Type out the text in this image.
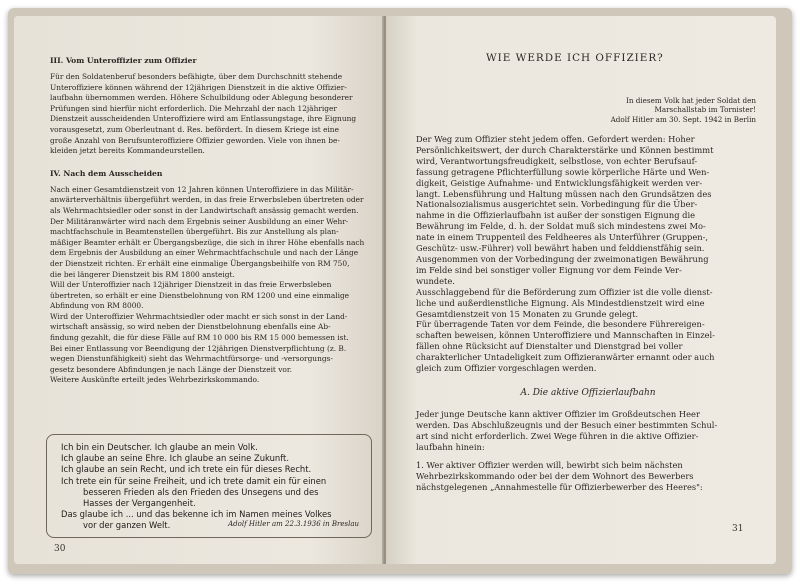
III. Vom Unteroffizier zum Offizier

Für den Soldatenberuf besonders befähigte, über dem Durchschnitt stehende
Unteroffiziere können während der 12jährigen Dienstzeit in die aktive Offizier-
laufbahn übernommen werden. Höhere Schulbildung oder Ablegung besonderer
Prüfungen sind hierfür nicht erforderlich. Die Mehrzahl der nach 12jähriger
Dienstzeit ausscheidenden Unteroffiziere wird am Entlassungstage, ihre Eignung
vorausgesetzt, zum Oberleutnant d. Res. befördert. In diesem Kriege ist eine
große Anzahl von Berufsunteroffiziere Offizier geworden. Viele von ihnen be-
kleiden jetzt bereits Kommandeurstellen.

IV. Nach dem Ausscheiden

Nach einer Gesamtdienstzeit von 12 Jahren können Unteroffiziere in das Militär-
anwärterverhältnis übergeführt werden, in das freie Erwerbsleben übertreten oder
als Wehrmachtsiedler oder sonst in der Landwirtschaft ansässig gemacht werden.
Der Militäranwärter wird nach dem Ergebnis seiner Ausbildung an einer Wehr-
machtfachschule in Beamtenstellen übergeführt. Bis zur Anstellung als plan-
mäßiger Beamter erhält er Übergangsbezüge, die sich in ihrer Höhe ebenfalls nach
dem Ergebnis der Ausbildung an einer Wehrmachtfachschule und nach der Länge
der Dienstzeit richten. Er erhält eine einmalige Übergangsbeihilfe von RM 750,
die bei längerer Dienstzeit bis RM 1800 ansteigt.
Will der Unteroffizier nach 12jähriger Dienstzeit in das freie Erwerbsleben
übertreten, so erhält er eine Dienstbelohnung von RM 1200 und eine einmalige
Abfindung von RM 8000.
Wird der Unteroffizier Wehrmachtsiedler oder macht er sich sonst in der Land-
wirtschaft ansässig, so wird neben der Dienstbelohnung ebenfalls eine Ab-
findung gezahlt, die für diese Fälle auf RM 10 000 bis RM 15 000 bemessen ist.
Bei einer Entlassung vor Beendigung der 12jährigen Dienstverpflichtung (z. B.
wegen Dienstunfähigkeit) sieht das Wehrmachtfürsorge- und -versorgungs-
gesetz besondere Abfindungen je nach Länge der Dienstzeit vor.
Weitere Auskünfte erteilt jedes Wehrbezirkskommando.

Ich bin ein Deutscher. Ich glaube an mein Volk.
Ich glaube an seine Ehre. Ich glaube an seine Zukunft.
Ich glaube an sein Recht, und ich trete ein für dieses Recht.
Ich trete ein für seine Freiheit, und ich trete damit ein für einen
besseren Frieden als den Frieden des Unsegens und des
Hasses der Vergangenheit.
Das glaube ich ... und das bekenne ich im Namen meines Volkes
vor der ganzen Welt.	Adolf Hitler am 22.3.1936 in Breslau
30
WIE WERDE ICH OFFIZIER?
In diesem Volk hat jeder Soldat den
Marschallstab im Tornister!
Adolf Hitler am 30. Sept. 1942 in Berlin
Der Weg zum Offizier steht jedem offen. Gefordert werden: Hoher
Persönlichkeitswert, der durch Charakterstärke und Können bestimmt
wird, Verantwortungsfreudigkeit, selbstlose, von echter Berufsauf-
fassung getragene Pflichterfüllung sowie körperliche Härte und Wen-
digkeit, Geistige Aufnahme- und Entwicklungsfähigkeit werden ver-
langt. Lebensführung und Haltung müssen nach den Grundsätzen des
Nationalsozialismus ausgerichtet sein. Vorbedingung für die Über-
nahme in die Offizierlaufbahn ist außer der sonstigen Eignung die
Bewährung im Felde, d. h. der Soldat muß sich mindestens zwei Mo-
nate in einem Truppenteil des Feldheeres als Unterführer (Gruppen-,
Geschütz- usw.-Führer) voll bewährt haben und felddienstfähig sein.
Ausgenommen von der Vorbedingung der zweimonatigen Bewährung
im Felde sind bei sonstiger voller Eignung vor dem Feinde Ver-
wundete.
Ausschlaggebend für die Beförderung zum Offizier ist die volle dienst-
liche und außerdienstliche Eignung. Als Mindestdienstzeit wird eine
Gesamtdienstzeit von 15 Monaten zu Grunde gelegt.
Für überragende Taten vor dem Feinde, die besondere Führereigen-
schaften beweisen, können Unteroffiziere und Mannschaften in Einzel-
fällen ohne Rücksicht auf Dienstalter und Dienstgrad bei voller
charakterlicher Untadeligkeit zum Offizieranwärter ernannt oder auch
gleich zum Offizier vorgeschlagen werden.
A. Die aktive Offizierlaufbahn
Jeder junge Deutsche kann aktiver Offizier im Großdeutschen Heer
werden. Das Abschlußzeugnis und der Besuch einer bestimmten Schul-
art sind nicht erforderlich. Zwei Wege führen in die aktive Offizier-
laufbahn hinein:
1. Wer aktiver Offizier werden will, bewirbt sich beim nächsten
Wehrbezirkskommando oder bei der dem Wohnort des Bewerbers
nächstgelegenen „Annahmestelle für Offizierbewerber des Heeres":
31
